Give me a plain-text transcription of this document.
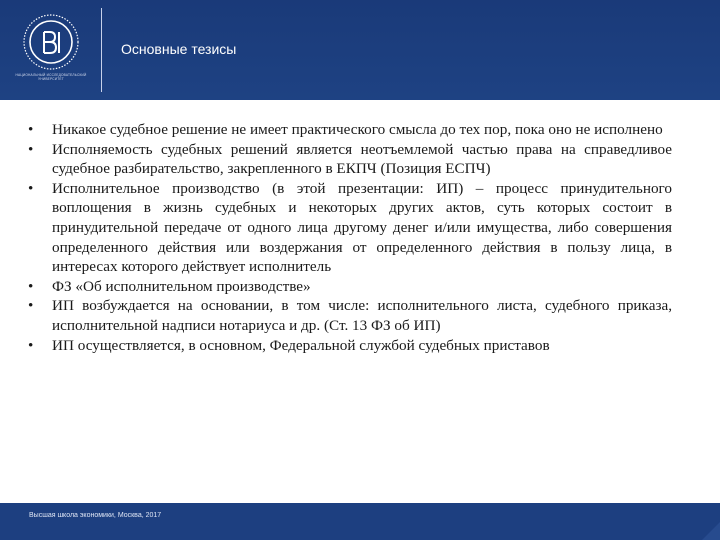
НАЦИОНАЛЬНЫЙ ИССЛЕДОВАТЕЛЬСКИЙ УНИВЕРСИТЕТ
Основные тезисы
• Никакое судебное решение не имеет практического смысла до тех пор, пока оно не исполнено
• Исполняемость судебных решений является неотъемлемой частью права на справедливое судебное разбирательство, закрепленного в ЕКПЧ (Позиция ЕСПЧ)
• Исполнительное производство (в этой презентации: ИП) – процесс принудительного воплощения в жизнь судебных и некоторых других актов, суть которых состоит в принудительной передаче от одного лица другому денег и/или имущества, либо совершения определенного действия или воздержания от определенного действия в пользу лица, в интересах которого действует исполнитель
• ФЗ «Об исполнительном производстве»
• ИП возбуждается на основании, в том числе: исполнительного листа, судебного приказа, исполнительной надписи нотариуса и др. (Ст. 13 ФЗ об ИП)
• ИП осуществляется, в основном, Федеральной службой судебных приставов
Высшая школа экономики, Москва, 2017
